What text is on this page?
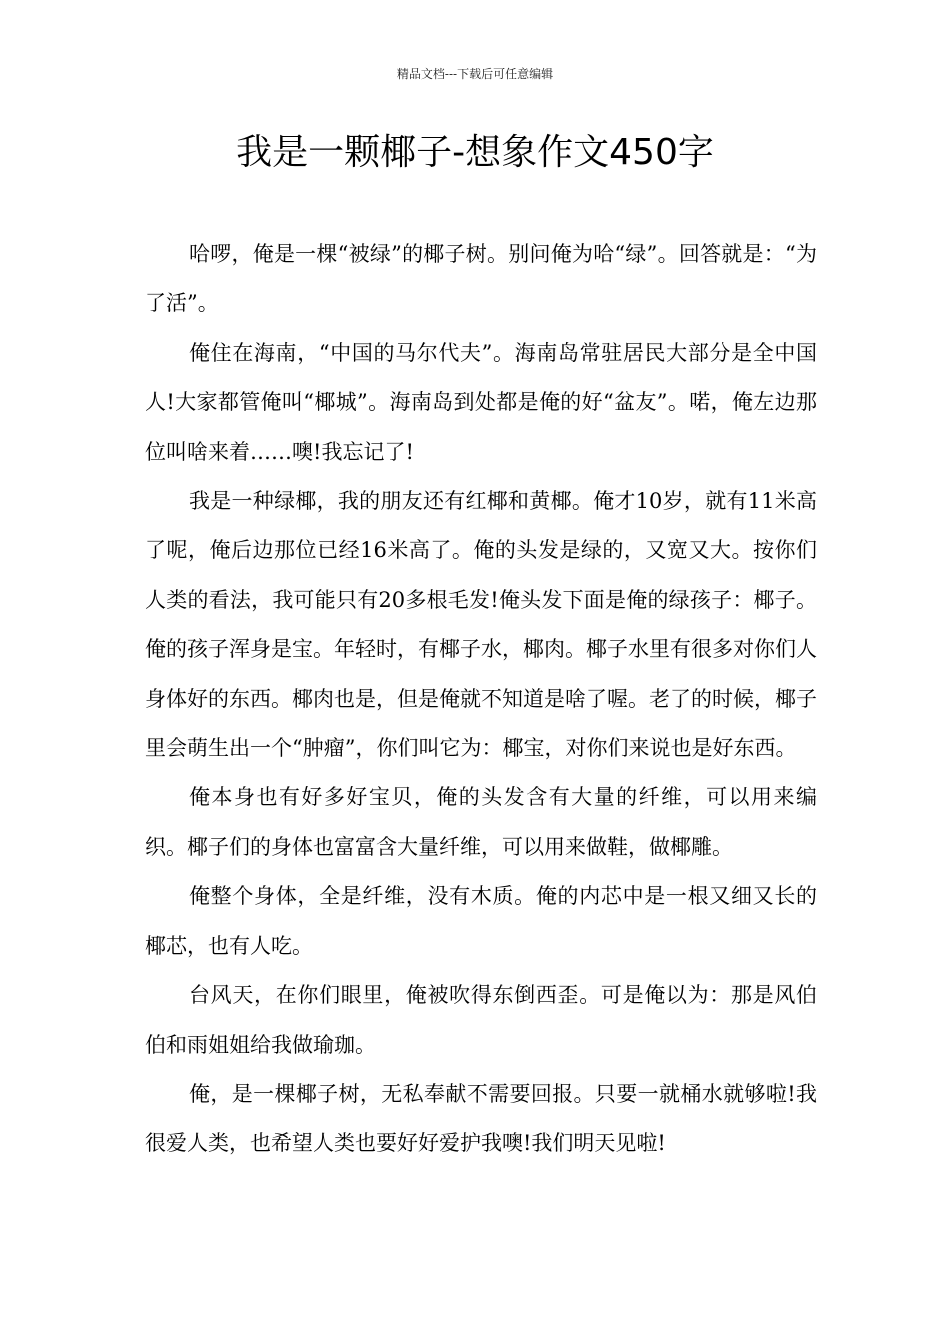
精品文档---下载后可任意编辑
我是一颗椰子-想象作文450字

哈啰，俺是一棵“被绿”的椰子树。别问俺为哈“绿”。回答就是：“为了活”。

俺住在海南，“中国的马尔代夫”。海南岛常驻居民大部分是全中国人!大家都管俺叫“椰城”。海南岛到处都是俺的好“盆友”。喏，俺左边那位叫啥来着……噢!我忘记了!

我是一种绿椰，我的朋友还有红椰和黄椰。俺才10岁，就有11米高了呢，俺后边那位已经16米高了。俺的头发是绿的，又宽又大。按你们人类的看法，我可能只有20多根毛发!俺头发下面是俺的绿孩子：椰子。俺的孩子浑身是宝。年轻时，有椰子水，椰肉。椰子水里有很多对你们人身体好的东西。椰肉也是，但是俺就不知道是啥了喔。老了的时候，椰子里会萌生出一个“肿瘤”，你们叫它为：椰宝，对你们来说也是好东西。

俺本身也有好多好宝贝，俺的头发含有大量的纤维，可以用来编织。椰子们的身体也富富含大量纤维，可以用来做鞋，做椰雕。

俺整个身体，全是纤维，没有木质。俺的内芯中是一根又细又长的椰芯，也有人吃。

台风天，在你们眼里，俺被吹得东倒西歪。可是俺以为：那是风伯伯和雨姐姐给我做瑜珈。

俺，是一棵椰子树，无私奉献不需要回报。只要一就桶水就够啦!我很爱人类，也希望人类也要好好爱护我噢!我们明天见啦!
